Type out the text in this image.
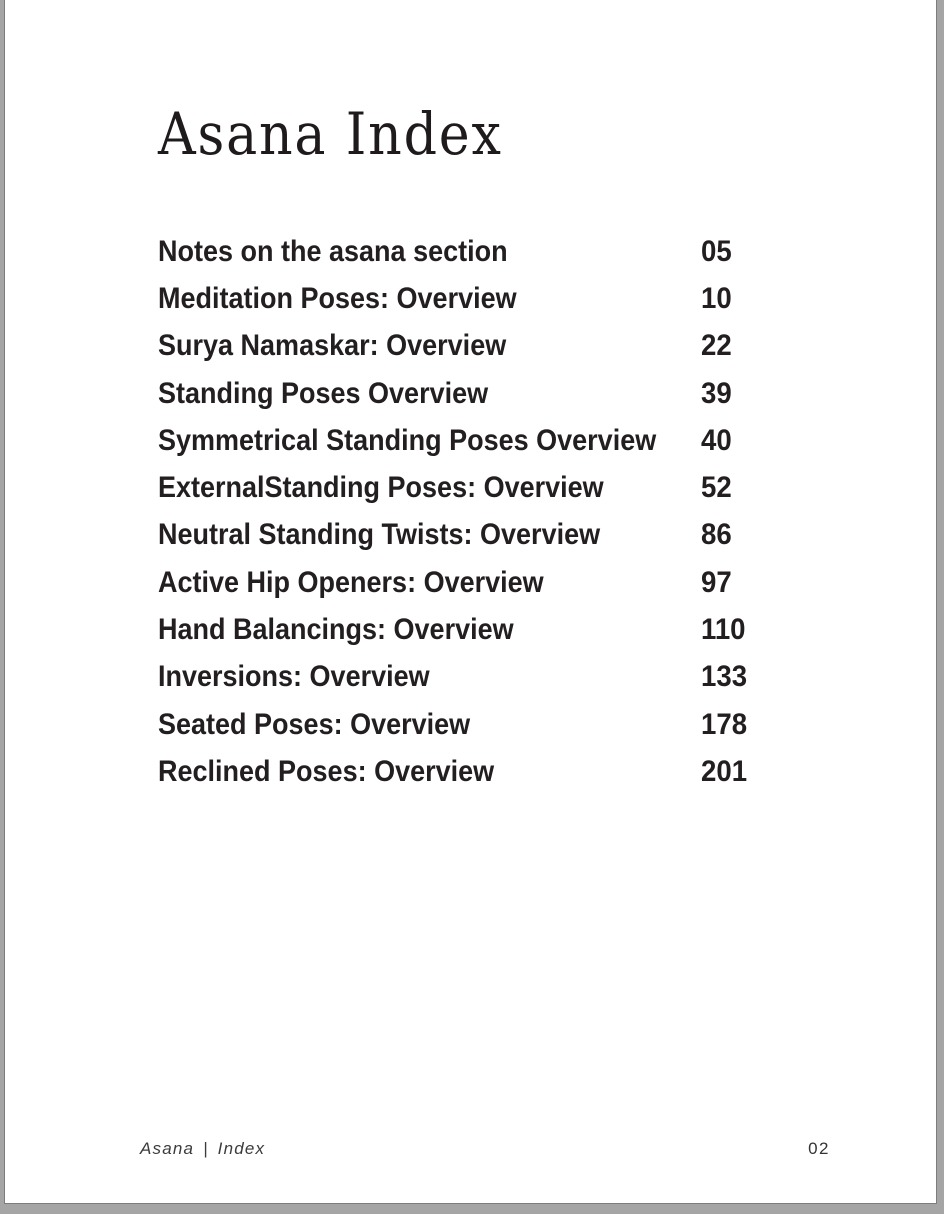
Asana Index
Notes on the asana section	05
Meditation Poses: Overview	10
Surya Namaskar: Overview	22
Standing Poses Overview	39
Symmetrical Standing Poses Overview 40
ExternalStanding Poses: Overview	52
Neutral Standing Twists: Overview	86
Active Hip Openers: Overview	97
Hand Balancings: Overview	110
Inversions: Overview	133
Seated Poses: Overview	178
Reclined Poses: Overview	201
Asana | Index	02
